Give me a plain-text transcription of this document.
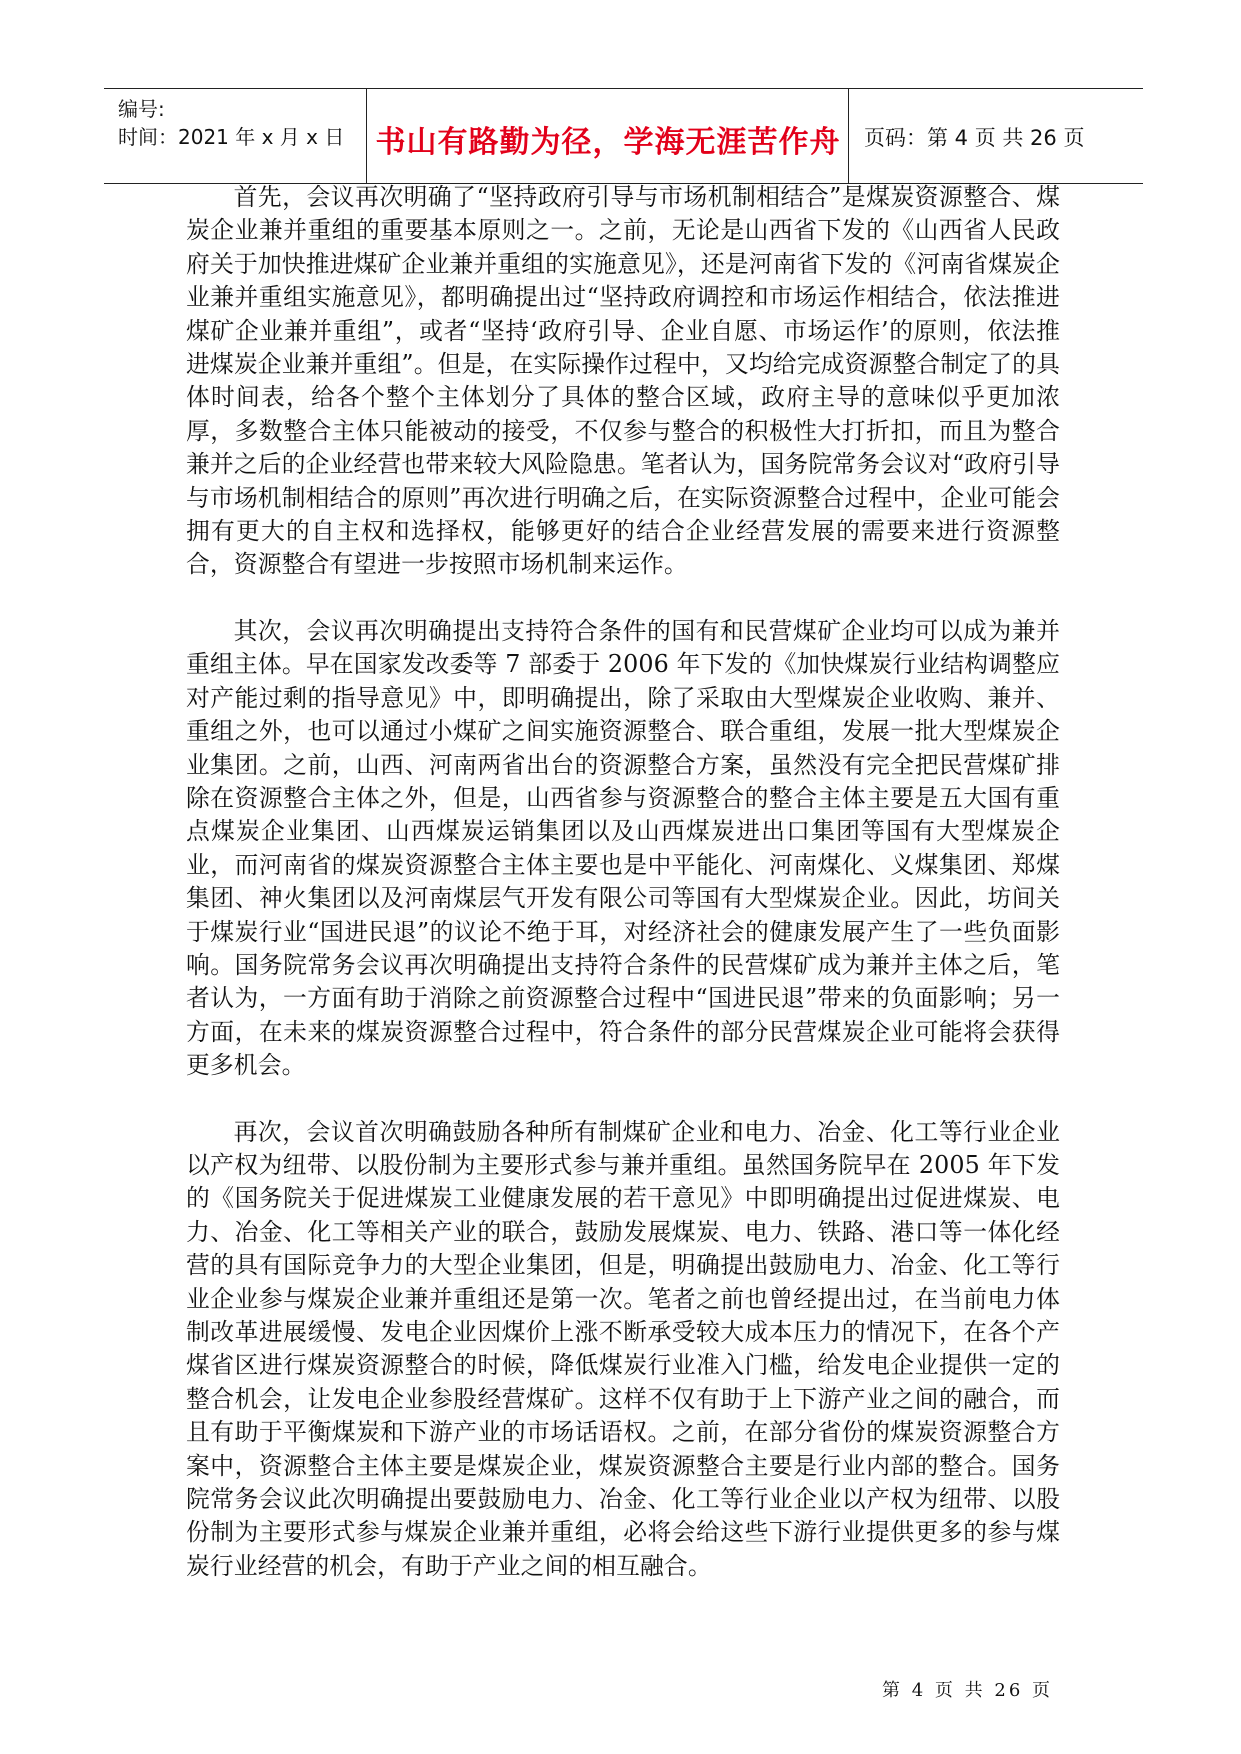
编号:
时间：2021 年 x 月 x 日 书山有路勤为径，学海无涯苦作舟	页码：第 4 页 共 26 页

首先，会议再次明确了“坚持政府引导与市场机制相结合”是煤炭资源整合、煤炭企业兼并重组的重要基本原则之一。之前，无论是山西省下发的《山西省人民政府关于加快推进煤矿企业兼并重组的实施意见》，还是河南省下发的《河南省煤炭企业兼并重组实施意见》，都明确提出过“坚持政府调控和市场运作相结合，依法推进煤矿企业兼并重组”，或者“坚持‘政府引导、企业自愿、市场运作’的原则，依法推进煤炭企业兼并重组”。但是，在实际操作过程中，又均给完成资源整合制定了的具体时间表，给各个整个主体划分了具体的整合区域，政府主导的意味似乎更加浓厚，多数整合主体只能被动的接受，不仅参与整合的积极性大打折扣，而且为整合兼并之后的企业经营也带来较大风险隐患。笔者认为，国务院常务会议对“政府引导与市场机制相结合的原则”再次进行明确之后，在实际资源整合过程中，企业可能会拥有更大的自主权和选择权，能够更好的结合企业经营发展的需要来进行资源整合，资源整合有望进一步按照市场机制来运作。

其次，会议再次明确提出支持符合条件的国有和民营煤矿企业均可以成为兼并重组主体。早在国家发改委等 7 部委于 2006 年下发的《加快煤炭行业结构调整应对产能过剩的指导意见》中，即明确提出，除了采取由大型煤炭企业收购、兼并、重组之外，也可以通过小煤矿之间实施资源整合、联合重组，发展一批大型煤炭企业集团。之前，山西、河南两省出台的资源整合方案，虽然没有完全把民营煤矿排除在资源整合主体之外，但是，山西省参与资源整合的整合主体主要是五大国有重点煤炭企业集团、山西煤炭运销集团以及山西煤炭进出口集团等国有大型煤炭企业，而河南省的煤炭资源整合主体主要也是中平能化、河南煤化、义煤集团、郑煤集团、神火集团以及河南煤层气开发有限公司等国有大型煤炭企业。因此，坊间关于煤炭行业“国进民退”的议论不绝于耳，对经济社会的健康发展产生了一些负面影响。国务院常务会议再次明确提出支持符合条件的民营煤矿成为兼并主体之后，笔者认为，一方面有助于消除之前资源整合过程中“国进民退”带来的负面影响；另一方面，在未来的煤炭资源整合过程中，符合条件的部分民营煤炭企业可能将会获得更多机会。

再次，会议首次明确鼓励各种所有制煤矿企业和电力、冶金、化工等行业企业以产权为纽带、以股份制为主要形式参与兼并重组。虽然国务院早在 2005 年下发的《国务院关于促进煤炭工业健康发展的若干意见》中即明确提出过促进煤炭、电力、冶金、化工等相关产业的联合，鼓励发展煤炭、电力、铁路、港口等一体化经营的具有国际竞争力的大型企业集团，但是，明确提出鼓励电力、冶金、化工等行业企业参与煤炭企业兼并重组还是第一次。笔者之前也曾经提出过，在当前电力体制改革进展缓慢、发电企业因煤价上涨不断承受较大成本压力的情况下，在各个产煤省区进行煤炭资源整合的时候，降低煤炭行业准入门槛，给发电企业提供一定的整合机会，让发电企业参股经营煤矿。这样不仅有助于上下游产业之间的融合，而且有助于平衡煤炭和下游产业的市场话语权。之前，在部分省份的煤炭资源整合方案中，资源整合主体主要是煤炭企业，煤炭资源整合主要是行业内部的整合。国务院常务会议此次明确提出要鼓励电力、冶金、化工等行业企业以产权为纽带、以股份制为主要形式参与煤炭企业兼并重组，必将会给这些下游行业提供更多的参与煤炭行业经营的机会，有助于产业之间的相互融合。

第 4 页 共 26 页
